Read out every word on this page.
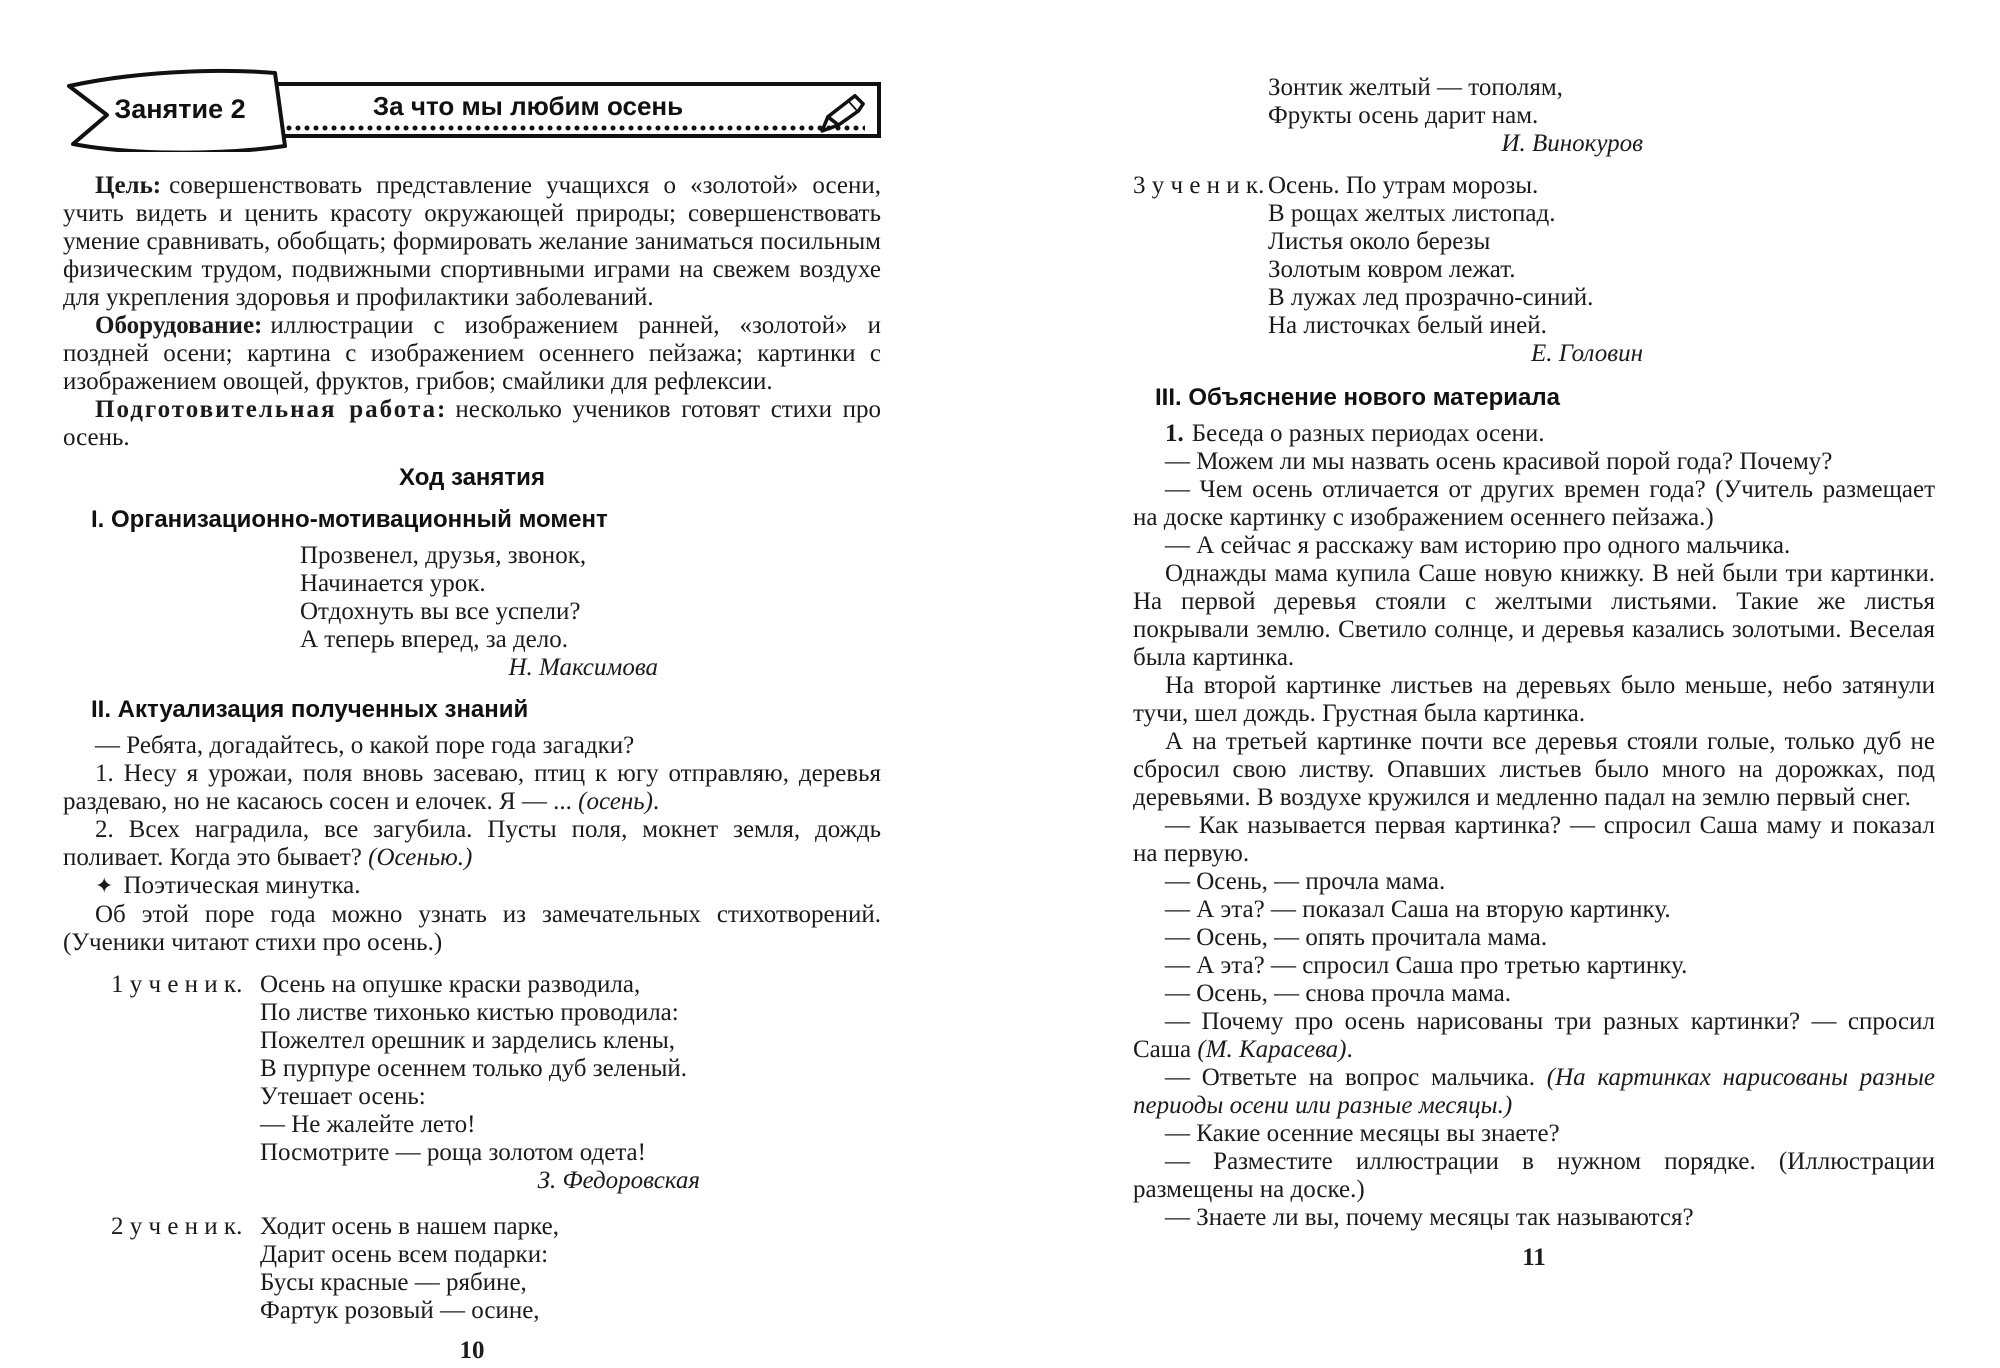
Занятие 2	За что мы любим осень

Цель: совершенствовать представление учащихся о «золотой» осени, учить видеть и ценить красоту окружающей природы; совершенствовать умение сравнивать, обобщать; формировать желание заниматься посильным физическим трудом, подвижными спортивными играми на свежем воздухе для укрепления здоровья и профилактики заболеваний.

Оборудование: иллюстрации с изображением ранней, «золотой» и поздней осени; картина с изображением осеннего пейзажа; картинки с изображением овощей, фруктов, грибов; смайлики для рефлексии.

Подготовительная работа: несколько учеников готовят стихи про осень.

Ход занятия
I. Организационно-мотивационный момент
Прозвенел, друзья, звонок,
Начинается урок.
Отдохнуть вы все успели?
А теперь вперед, за дело.
Н. Максимова
II. Актуализация полученных знаний

— Ребята, догадайтесь, о какой поре года загадки?

1. Несу я урожаи, поля вновь засеваю, птиц к югу отправляю, деревья раздеваю, но не касаюсь сосен и елочек. Я — ... (осень).

2. Всех наградила, все загубила. Пусты поля, мокнет земля, дождь поливает. Когда это бывает? (Осенью.)

✦ Поэтическая минутка.

Об этой поре года можно узнать из замечательных стихотворений. (Ученики читают стихи про осень.)

1 у ч е н и к. Осень на опушке краски разводила,
По листве тихонько кистью проводила:
Пожелтел орешник и зарделись клены,
В пурпуре осеннем только дуб зеленый.
Утешает осень:
— Не жалейте лето!
Посмотрите — роща золотом одета!
З. Федоровская
2 у ч е н и к. Ходит осень в нашем парке,
Дарит осень всем подарки:
Бусы красные — рябине,
Фартук розовый — осине,
10
Зонтик желтый — тополям,
Фрукты осень дарит нам.
И. Винокуров
3 у ч е н и к. Осень. По утрам морозы.
В рощах желтых листопад.
Листья около березы
Золотым ковром лежат.
В лужах лед прозрачно-синий.
На листочках белый иней.
Е. Головин
III. Объяснение нового материала

1. Беседа о разных периодах осени.

— Можем ли мы назвать осень красивой порой года? Почему?

— Чем осень отличается от других времен года? (Учитель размещает на доске картинку с изображением осеннего пейзажа.)

— А сейчас я расскажу вам историю про одного мальчика.

Однажды мама купила Саше новую книжку. В ней были три картинки. На первой деревья стояли с желтыми листьями. Такие же листья покрывали землю. Светило солнце, и деревья казались золотыми. Веселая была картинка.

На второй картинке листьев на деревьях было меньше, небо затянули тучи, шел дождь. Грустная была картинка.

А на третьей картинке почти все деревья стояли голые, только дуб не сбросил свою листву. Опавших листьев было много на дорожках, под деревьями. В воздухе кружился и медленно падал на землю первый снег.

— Как называется первая картинка? — спросил Саша маму и показал на первую.

— Осень, — прочла мама.

— А эта? — показал Саша на вторую картинку.

— Осень, — опять прочитала мама.

— А эта? — спросил Саша про третью картинку.

— Осень, — снова прочла мама.

— Почему про осень нарисованы три разных картинки? — спросил Саша (М. Карасева).

— Ответьте на вопрос мальчика. (На картинках нарисованы разные периоды осени или разные месяцы.)

— Какие осенние месяцы вы знаете?

— Разместите иллюстрации в нужном порядке. (Иллюстрации размещены на доске.)

— Знаете ли вы, почему месяцы так называются?

11
